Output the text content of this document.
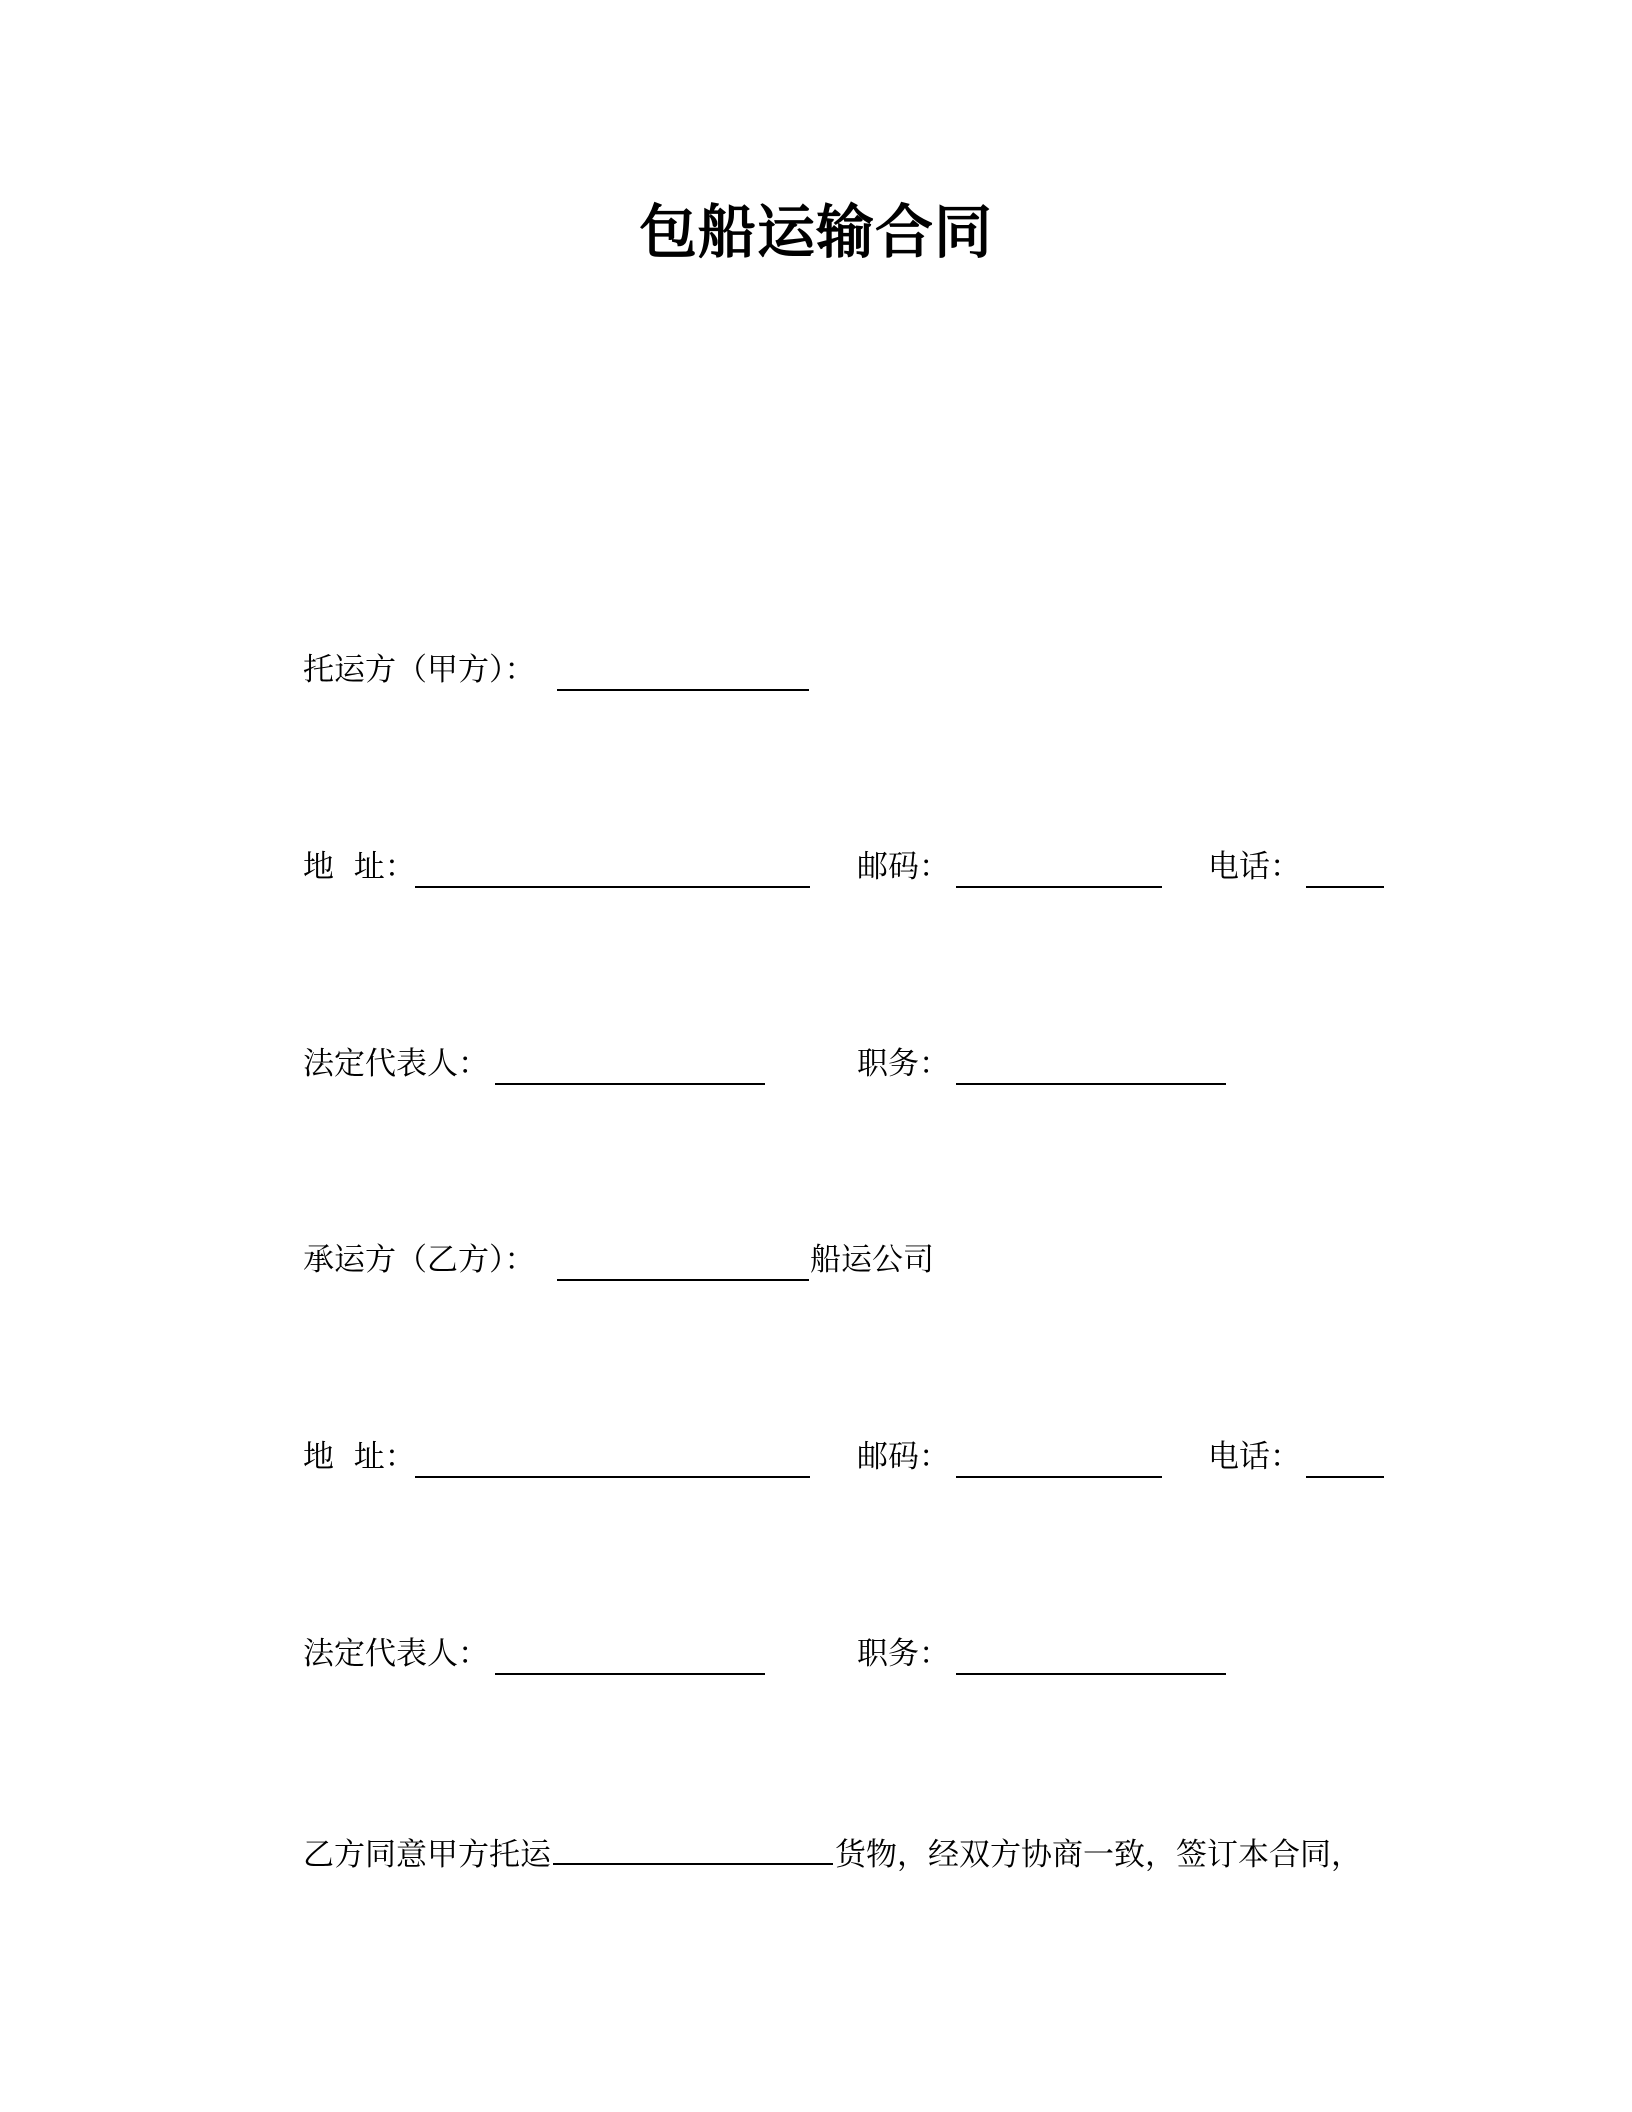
包船运输合同
托运方（甲方）：
地  址：	邮码：	电话：
法定代表人：	职务：
承运方（乙方）：	船运公司
地  址：	邮码：	电话：
法定代表人：	职务：
乙方同意甲方托运	货物，经双方协商一致，签订本合同，
